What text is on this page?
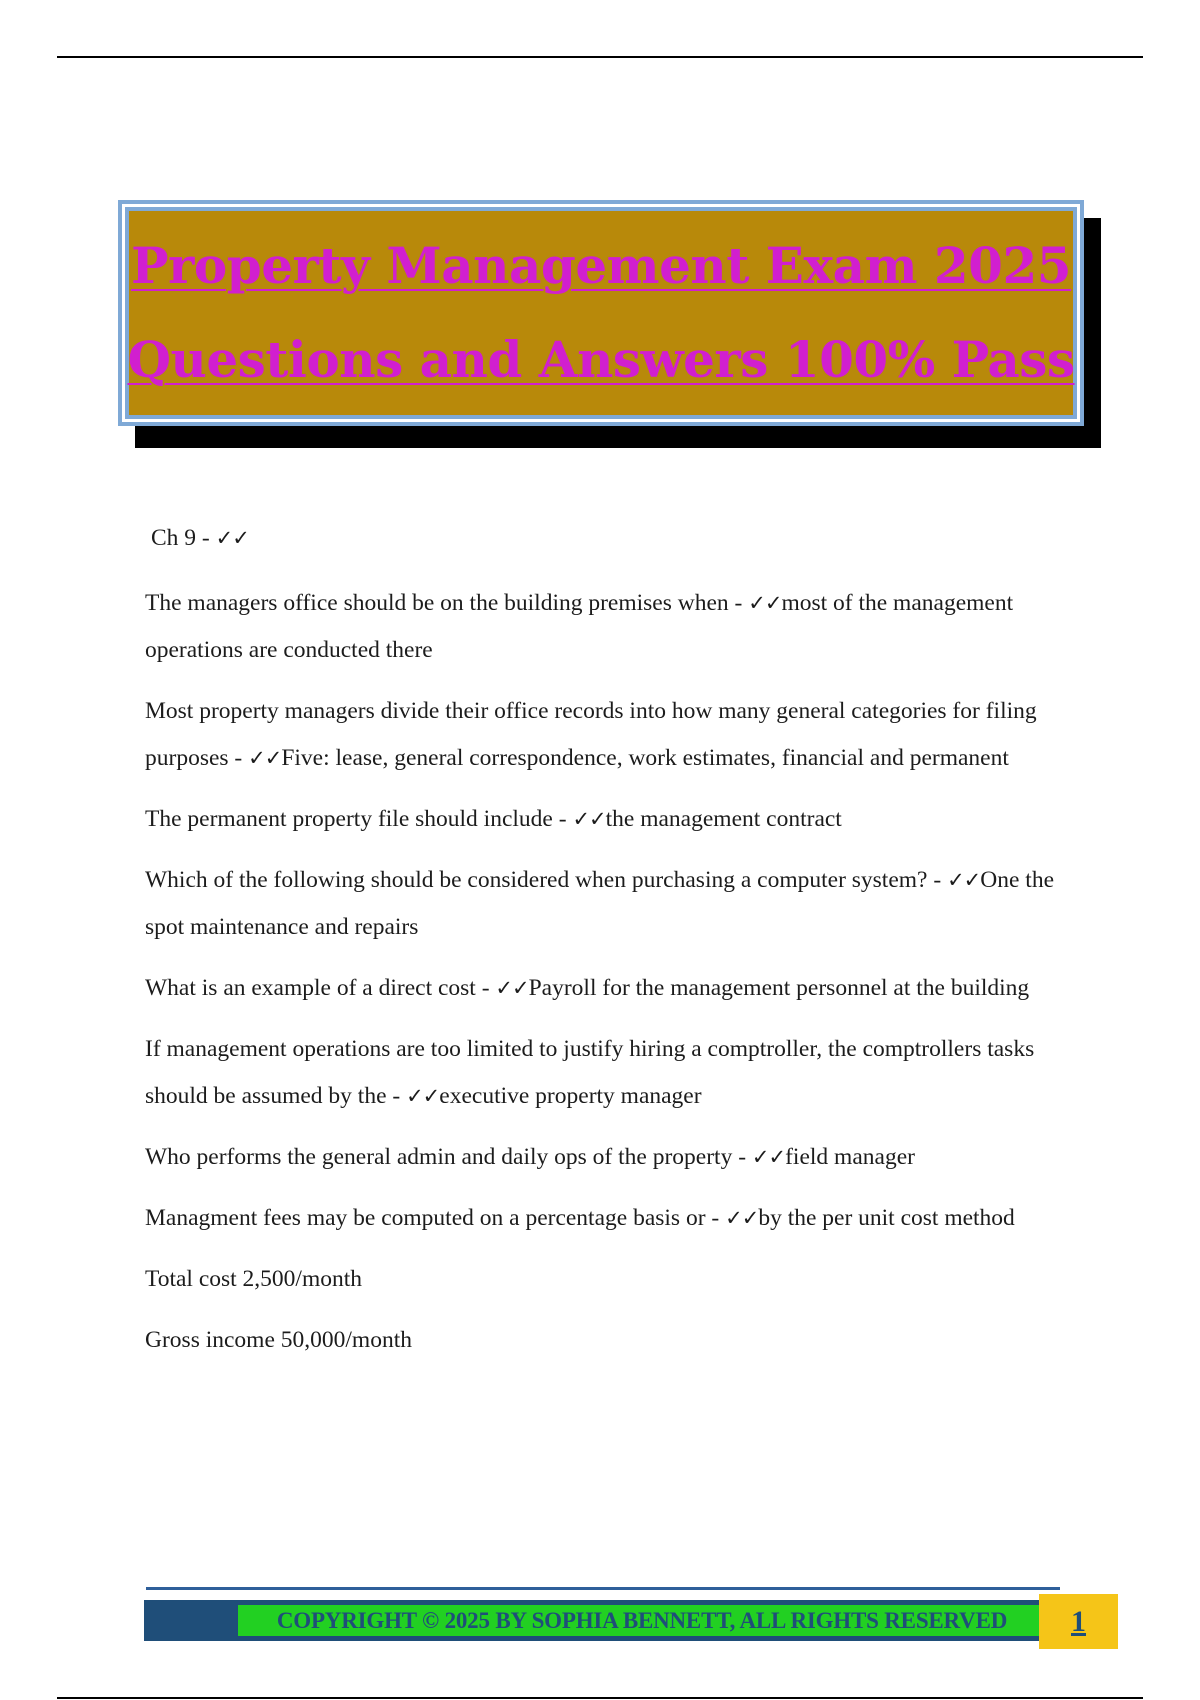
Property Management Exam 2025
Questions and Answers 100% Pass

Ch 9 - ✓✓

The managers office should be on the building premises when - ✓✓most of the management operations are conducted there

Most property managers divide their office records into how many general categories for filing purposes - ✓✓Five: lease, general correspondence, work estimates, financial and permanent

The permanent property file should include - ✓✓the management contract

Which of the following should be considered when purchasing a computer system? - ✓✓One the spot maintenance and repairs

What is an example of a direct cost - ✓✓Payroll for the management personnel at the building

If management operations are too limited to justify hiring a comptroller, the comptrollers tasks should be assumed by the - ✓✓executive property manager

Who performs the general admin and daily ops of the property - ✓✓field manager

Managment fees may be computed on a percentage basis or - ✓✓by the per unit cost method

Total cost 2,500/month

Gross income 50,000/month

COPYRIGHT © 2025 BY SOPHIA BENNETT, ALL RIGHTS RESERVED	1
